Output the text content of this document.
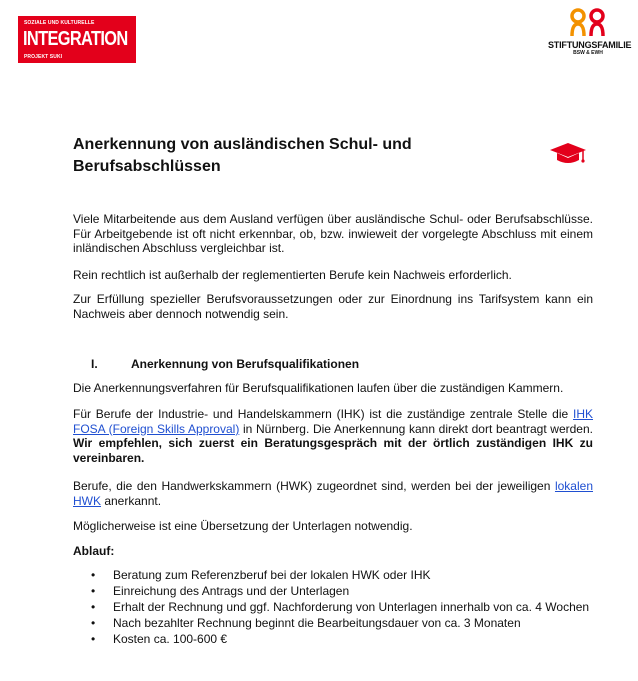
SOZIALE UND KULTURELLE
INTEGRATION
PROJEKT SUKI
STIFTUNGSFAMILIE
BSW & EWH
Anerkennung von ausländischen Schul- und Berufsabschlüssen

Viele Mitarbeitende aus dem Ausland verfügen über ausländische Schul- oder Berufsabschlüsse. Für Arbeitgebende ist oft nicht erkennbar, ob, bzw. inwieweit der vorgelegte Abschluss mit einem inländischen Abschluss vergleichbar ist.

Rein rechtlich ist außerhalb der reglementierten Berufe kein Nachweis erforderlich.

Zur Erfüllung spezieller Berufsvoraussetzungen oder zur Einordnung ins Tarifsystem kann ein Nachweis aber dennoch notwendig sein.

I.	Anerkennung von Berufsqualifikationen

Die Anerkennungsverfahren für Berufsqualifikationen laufen über die zuständigen Kammern.

Für Berufe der Industrie- und Handelskammern (IHK) ist die zuständige zentrale Stelle die IHK FOSA (Foreign Skills Approval) in Nürnberg. Die Anerkennung kann direkt dort beantragt werden. Wir empfehlen, sich zuerst ein Beratungsgespräch mit der örtlich zuständigen IHK zu vereinbaren.

Berufe, die den Handwerkskammern (HWK) zugeordnet sind, werden bei der jeweiligen lokalen HWK anerkannt.

Möglicherweise ist eine Übersetzung der Unterlagen notwendig.

Ablauf:

• Beratung zum Referenzberuf bei der lokalen HWK oder IHK
• Einreichung des Antrags und der Unterlagen
• Erhalt der Rechnung und ggf. Nachforderung von Unterlagen innerhalb von ca. 4 Wochen
• Nach bezahlter Rechnung beginnt die Bearbeitungsdauer von ca. 3 Monaten
• Kosten ca. 100-600 €
